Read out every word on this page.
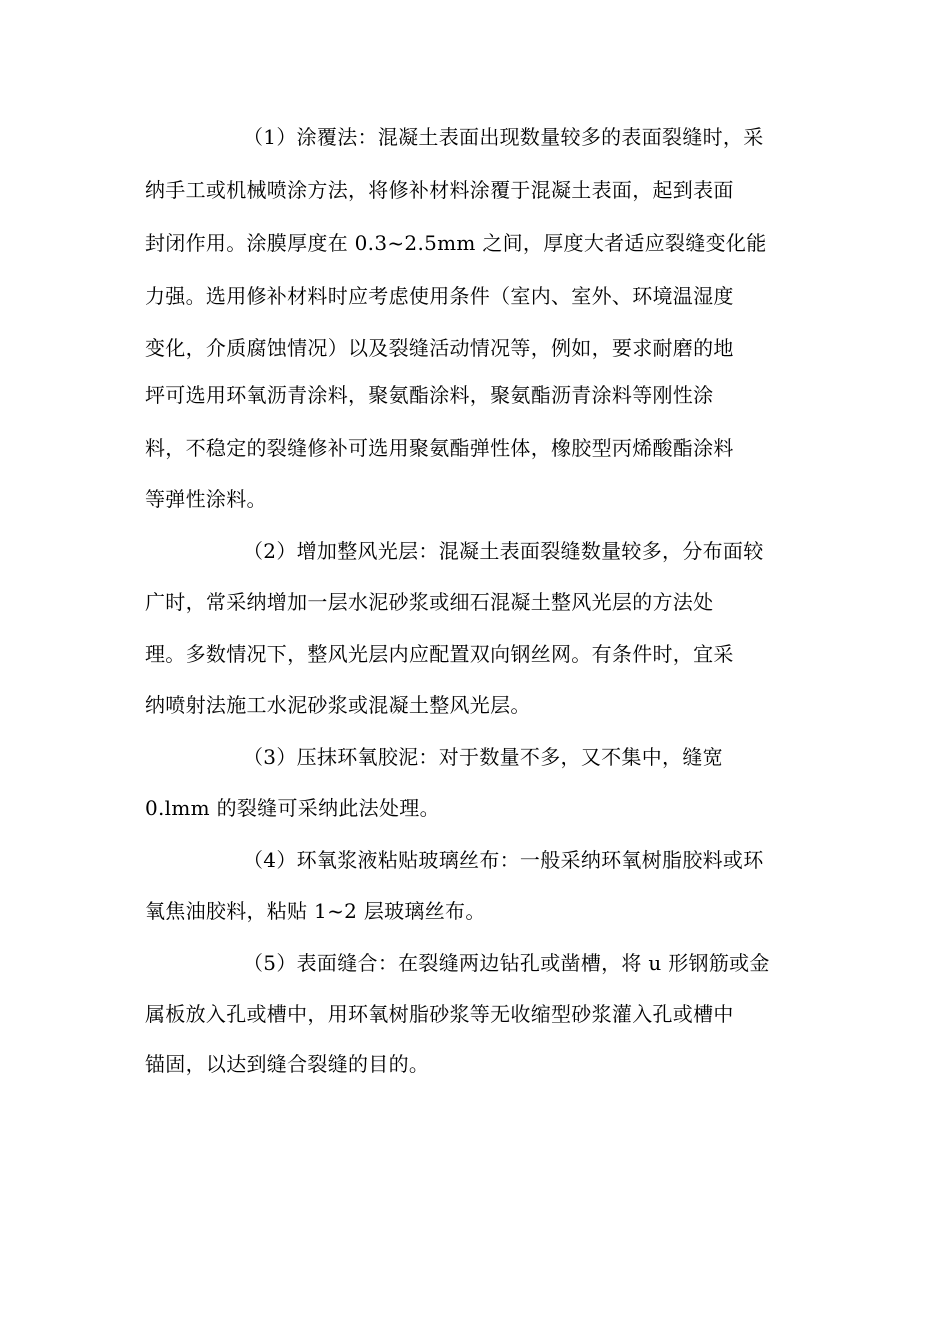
（1）涂覆法：混凝土表面出现数量较多的表面裂缝时，采
纳手工或机械喷涂方法，将修补材料涂覆于混凝土表面，起到表面
封闭作用。涂膜厚度在 0.3~2.5mm 之间，厚度大者适应裂缝变化能
力强。选用修补材料时应考虑使用条件（室内、室外、环境温湿度
变化，介质腐蚀情况）以及裂缝活动情况等，例如，要求耐磨的地
坪可选用环氧沥青涂料，聚氨酯涂料，聚氨酯沥青涂料等刚性涂
料，不稳定的裂缝修补可选用聚氨酯弹性体，橡胶型丙烯酸酯涂料
等弹性涂料。
（2）增加整风光层：混凝土表面裂缝数量较多，分布面较
广时，常采纳增加一层水泥砂浆或细石混凝土整风光层的方法处
理。多数情况下，整风光层内应配置双向钢丝网。有条件时，宜采
纳喷射法施工水泥砂浆或混凝土整风光层。
（3）压抹环氧胶泥：对于数量不多，又不集中，缝宽
0.lmm 的裂缝可采纳此法处理。
（4）环氧浆液粘贴玻璃丝布：一般采纳环氧树脂胶料或环
氧焦油胶料，粘贴 1~2 层玻璃丝布。
（5）表面缝合：在裂缝两边钻孔或凿槽，将 u 形钢筋或金
属板放入孔或槽中，用环氧树脂砂浆等无收缩型砂浆灌入孔或槽中
锚固，以达到缝合裂缝的目的。
